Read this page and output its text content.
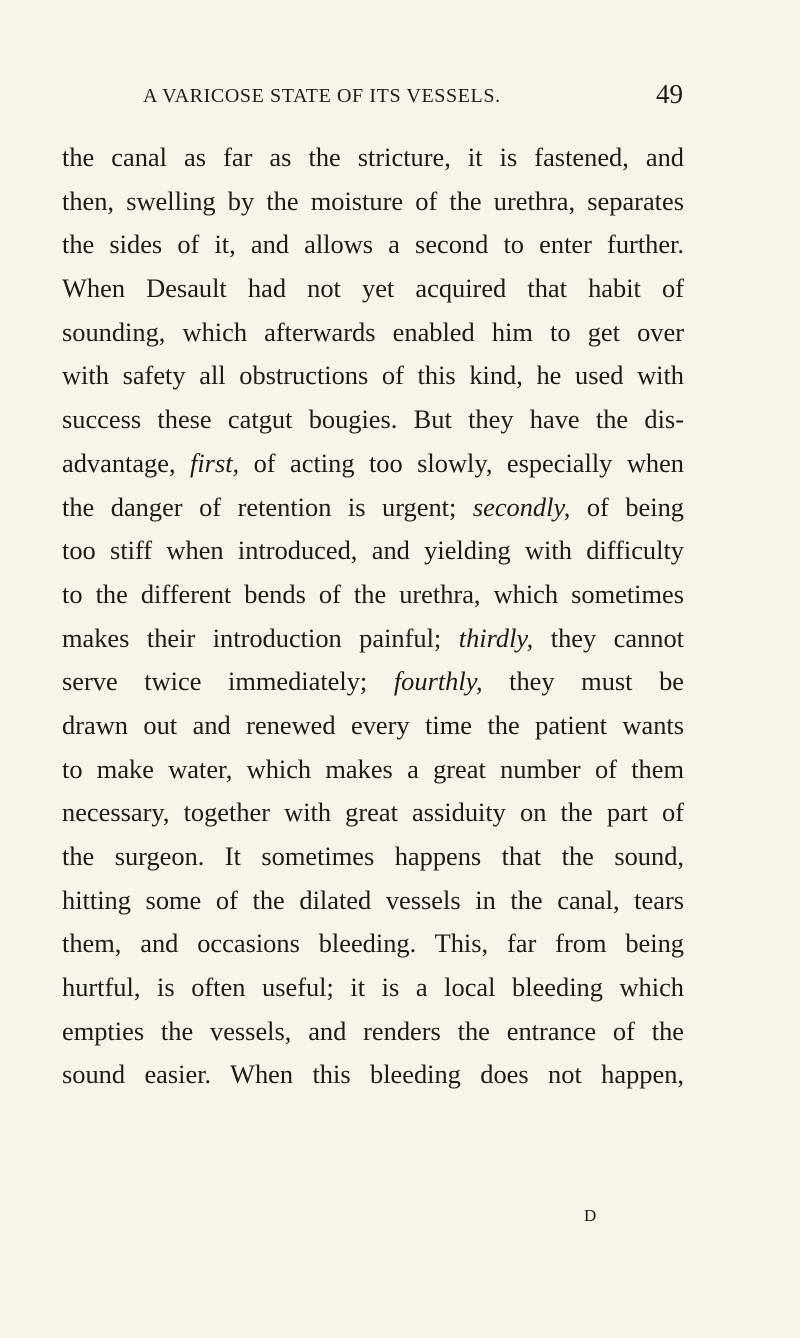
A VARICOSE STATE OF ITS VESSELS.	49
the canal as far as the stricture, it is fastened, and
then, swelling by the moisture of the urethra, separates
the sides of it, and allows a second to enter further.
When Desault had not yet acquired that habit of
sounding, which afterwards enabled him to get over
with safety all obstructions of this kind, he used with
success these catgut bougies. But they have the dis-
advantage, first, of acting too slowly, especially when
the danger of retention is urgent; secondly, of being
too stiff when introduced, and yielding with difficulty
to the different bends of the urethra, which sometimes
makes their introduction painful; thirdly, they cannot
serve twice immediately; fourthly, they must be
drawn out and renewed every time the patient wants
to make water, which makes a great number of them
necessary, together with great assiduity on the part of
the surgeon. It sometimes happens that the sound,
hitting some of the dilated vessels in the canal, tears
them, and occasions bleeding. This, far from being
hurtful, is often useful; it is a local bleeding which
empties the vessels, and renders the entrance of the
sound easier. When this bleeding does not happen,
D
